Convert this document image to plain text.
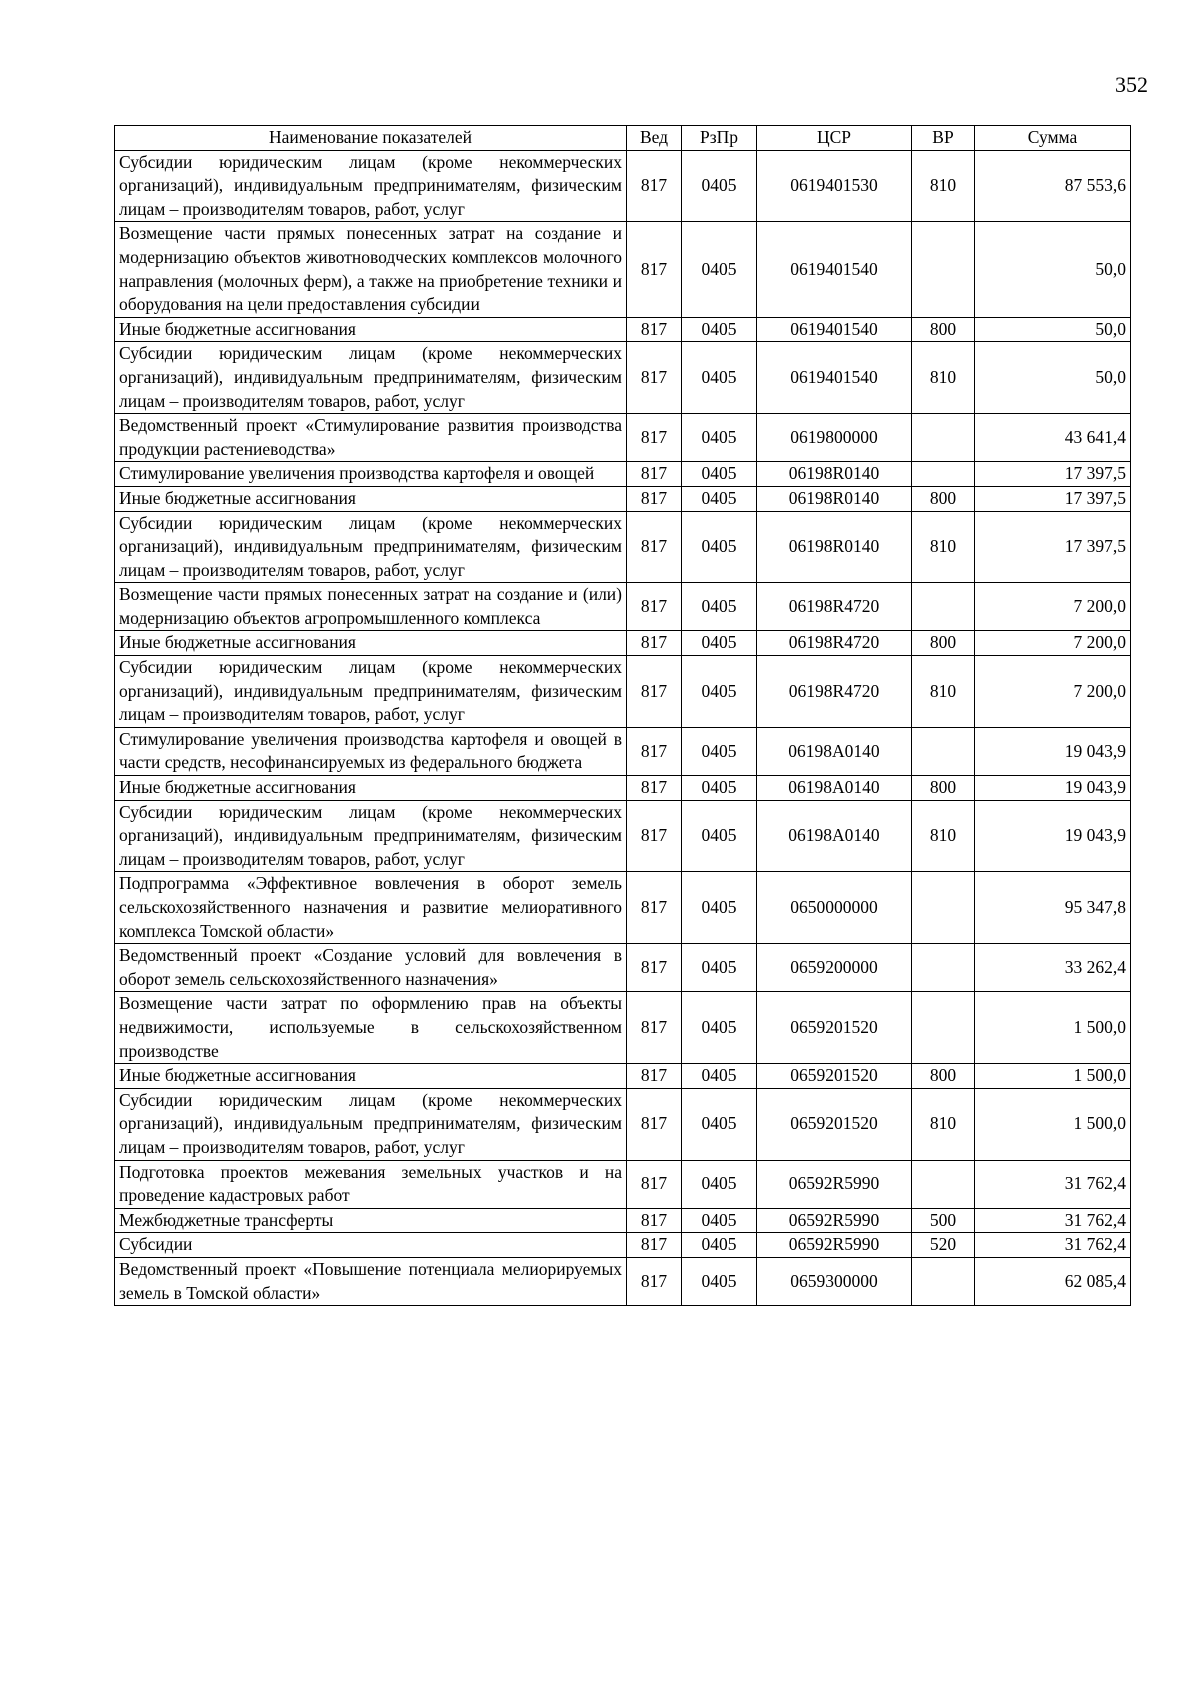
352
Наименование показателей	Вед	РзПр	ЦСР	ВР	Сумма
Субсидии юридическим лицам (кроме некоммерческих организаций), индивидуальным предпринимателям, физическим лицам – производителям товаров, работ, услуг	817	0405	0619401530	810	87 553,6
Возмещение части прямых понесенных затрат на создание и модернизацию объектов животноводческих комплексов молочного направления (молочных ферм), а также на приобретение техники и оборудования на цели предоставления субсидии	817	0405	0619401540		50,0
Иные бюджетные ассигнования	817	0405	0619401540	800	50,0
Субсидии юридическим лицам (кроме некоммерческих организаций), индивидуальным предпринимателям, физическим лицам – производителям товаров, работ, услуг	817	0405	0619401540	810	50,0
Ведомственный проект «Стимулирование развития производства продукции растениеводства»	817	0405	0619800000		43 641,4
Стимулирование увеличения производства картофеля и овощей	817	0405	06198R0140		17 397,5
Иные бюджетные ассигнования	817	0405	06198R0140	800	17 397,5
Субсидии юридическим лицам (кроме некоммерческих организаций), индивидуальным предпринимателям, физическим лицам – производителям товаров, работ, услуг	817	0405	06198R0140	810	17 397,5
Возмещение части прямых понесенных затрат на создание и (или) модернизацию объектов агропромышленного комплекса	817	0405	06198R4720		7 200,0
Иные бюджетные ассигнования	817	0405	06198R4720	800	7 200,0
Субсидии юридическим лицам (кроме некоммерческих организаций), индивидуальным предпринимателям, физическим лицам – производителям товаров, работ, услуг	817	0405	06198R4720	810	7 200,0
Стимулирование увеличения производства картофеля и овощей в части средств, несофинансируемых из федерального бюджета	817	0405	06198A0140		19 043,9
Иные бюджетные ассигнования	817	0405	06198A0140	800	19 043,9
Субсидии юридическим лицам (кроме некоммерческих организаций), индивидуальным предпринимателям, физическим лицам – производителям товаров, работ, услуг	817	0405	06198A0140	810	19 043,9
Подпрограмма «Эффективное вовлечения в оборот земель сельскохозяйственного назначения и развитие мелиоративного комплекса Томской области»	817	0405	0650000000		95 347,8
Ведомственный проект «Создание условий для вовлечения в оборот земель сельскохозяйственного назначения»	817	0405	0659200000		33 262,4
Возмещение части затрат по оформлению прав на объекты недвижимости, используемые в сельскохозяйственном производстве	817	0405	0659201520		1 500,0
Иные бюджетные ассигнования	817	0405	0659201520	800	1 500,0
Субсидии юридическим лицам (кроме некоммерческих организаций), индивидуальным предпринимателям, физическим лицам – производителям товаров, работ, услуг	817	0405	0659201520	810	1 500,0
Подготовка проектов межевания земельных участков и на проведение кадастровых работ	817	0405	06592R5990		31 762,4
Межбюджетные трансферты	817	0405	06592R5990	500	31 762,4
Субсидии	817	0405	06592R5990	520	31 762,4
Ведомственный проект «Повышение потенциала мелиорируемых земель в Томской области»	817	0405	0659300000		62 085,4
